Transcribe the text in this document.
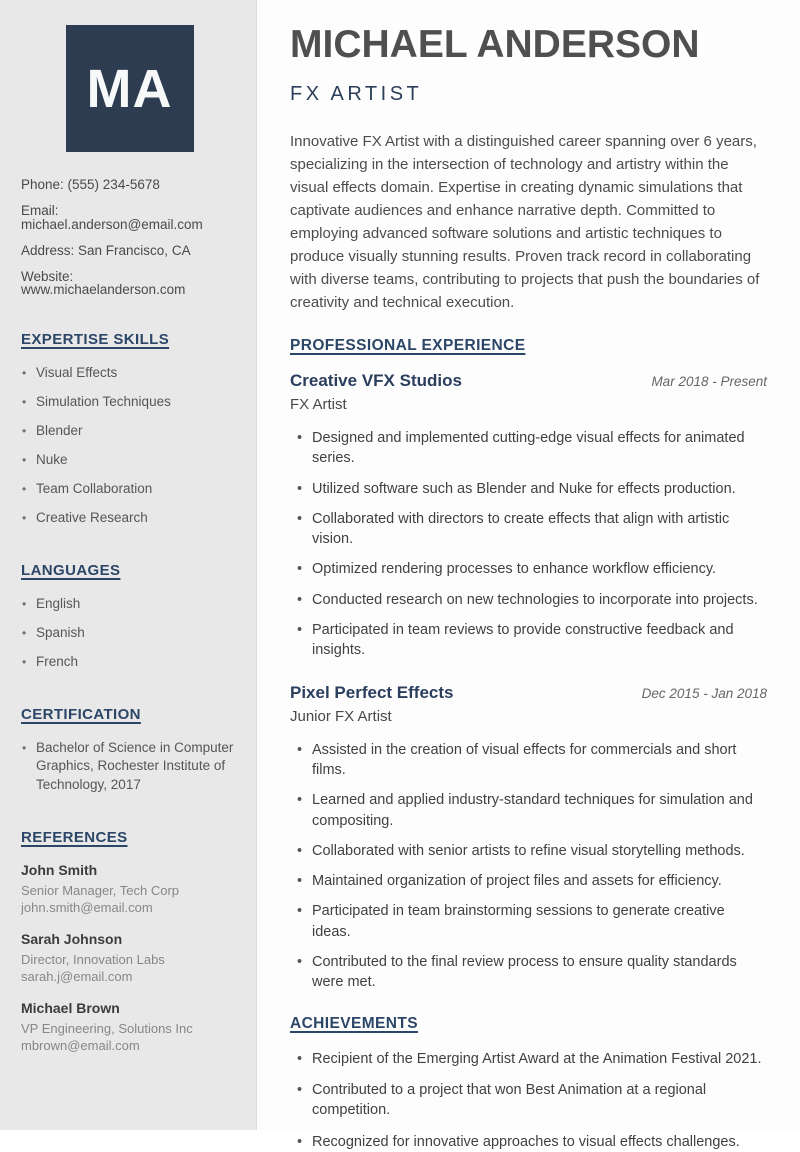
MA
Phone: (555) 234-5678
Email: michael.anderson@email.com
Address: San Francisco, CA
Website: www.michaelanderson.com
EXPERTISE SKILLS
• Visual Effects
• Simulation Techniques
• Blender
• Nuke
• Team Collaboration
• Creative Research
LANGUAGES
• English
• Spanish
• French
CERTIFICATION
• Bachelor of Science in Computer Graphics, Rochester Institute of Technology, 2017
REFERENCES
John Smith
Senior Manager, Tech Corp
john.smith@email.com
Sarah Johnson
Director, Innovation Labs
sarah.j@email.com
Michael Brown
VP Engineering, Solutions Inc
mbrown@email.com
MICHAEL ANDERSON
FX ARTIST

Innovative FX Artist with a distinguished career spanning over 6 years, specializing in the intersection of technology and artistry within the visual effects domain. Expertise in creating dynamic simulations that captivate audiences and enhance narrative depth. Committed to employing advanced software solutions and artistic techniques to produce visually stunning results. Proven track record in collaborating with diverse teams, contributing to projects that push the boundaries of creativity and technical execution.

PROFESSIONAL EXPERIENCE
Creative VFX Studios	Mar 2018 - Present
FX Artist
• Designed and implemented cutting-edge visual effects for animated series.
• Utilized software such as Blender and Nuke for effects production.
• Collaborated with directors to create effects that align with artistic vision.
• Optimized rendering processes to enhance workflow efficiency.
• Conducted research on new technologies to incorporate into projects.
• Participated in team reviews to provide constructive feedback and insights.
Pixel Perfect Effects	Dec 2015 - Jan 2018
Junior FX Artist
• Assisted in the creation of visual effects for commercials and short films.
• Learned and applied industry-standard techniques for simulation and compositing.
• Collaborated with senior artists to refine visual storytelling methods.
• Maintained organization of project files and assets for efficiency.
• Participated in team brainstorming sessions to generate creative ideas.
• Contributed to the final review process to ensure quality standards were met.
ACHIEVEMENTS
• Recipient of the Emerging Artist Award at the Animation Festival 2021.
• Contributed to a project that won Best Animation at a regional competition.
• Recognized for innovative approaches to visual effects challenges.
